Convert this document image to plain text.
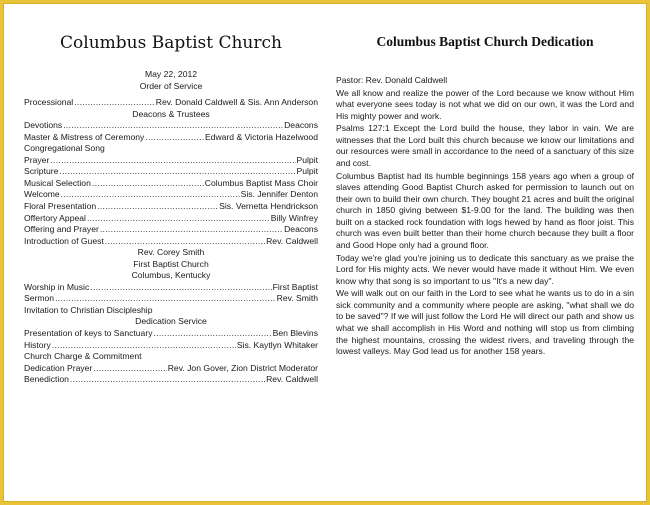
Columbus Baptist Church
May 22, 2012
Order of Service
Processional .....	Rev. Donald Caldwell & Sis. Ann Anderson
Deacons & Trustees
Devotions .....	Deacons
Master & Mistress of Ceremony .....	Edward & Victoria Hazelwood
Congregational Song
Prayer .....	Pulpit
Scripture .....	Pulpit
Musical Selection .....	Columbus Baptist Mass Choir
Welcome .....	Sis. Jennifer Denton
Floral Presentation .....	Sis. Vernetta Hendrickson
Offertory Appeal .....	Billy Winfrey
Offering and Prayer .....	Deacons
Introduction of Guest .....	Rev. Caldwell
Rev. Corey Smith
First Baptist Church
Columbus, Kentucky
Worship in Music .....	First Baptist
Sermon .....	Rev. Smith
Invitation to Christian Discipleship
Dedication Service
Presentation of keys to Sanctuary .....	Ben Blevins
History .....	Sis. Kaytlyn Whitaker
Church Charge & Commitment
Dedication Prayer .....	Rev. Jon Gover, Zion District Moderator
Benediction .....	Rev. Caldwell
Columbus Baptist Church Dedication

Pastor: Rev. Donald Caldwell

We all know and realize the power of the Lord because we know without Him what everyone sees today is not what we did on our own, it was the Lord and His mighty power and work.

Psalms 127:1 Except the Lord build the house, they labor in vain. We are witnesses that the Lord built this church because we know our limitations and our resources were small in accordance to the need of a sanctuary of this size and cost.

Columbus Baptist had its humble beginnings 158 years ago when a group of slaves attending Good Baptist Church asked for permission to launch out on their own to build their own church. They bought 21 acres and built the original church in 1850 giving between $1-9.00 for the land. The building was then built on a stacked rock foundation with logs hewed by hand as floor joist. This church was even built better than their home church because they built a floor and Good Hope only had a ground floor.

Today we're glad you're joining us to dedicate this sanctuary as we praise the Lord for His mighty acts. We never would have made it without Him. We even know why that song is so important to us "It's a new day".

We will walk out on our faith in the Lord to see what he wants us to do in a sin sick community and a community where people are asking, "what shall we do to be saved"? If we will just follow the Lord He will direct our path and show us what we shall accomplish in His Word and nothing will stop us from climbing the highest mountains, crossing the widest rivers, and traveling through the lowest valleys. May God lead us for another 158 years.
